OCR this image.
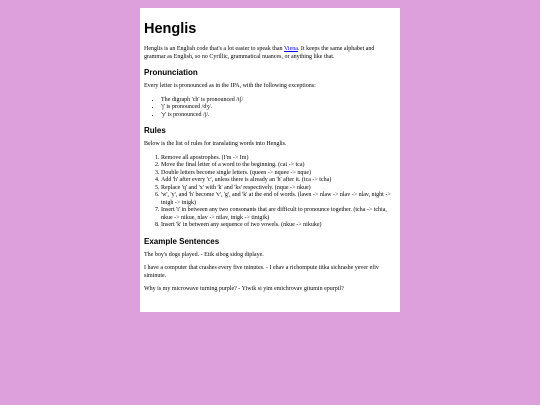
Henglis

Henglis is an English code that's a lot easier to speak than Viena. It keeps the same alphabet and grammar as English, so no Cyrillic, grammatical nuances, or anything like that.

Pronunciation

Every letter is pronounced as in the IPA, with the following exceptions:

• The digraph 'ch' is pronounced /tʃ/
• 'j' is pronounced /dʒ/.
• 'y' is pronounced /j/.
Rules

Below is the list of rules for translating words into Henglis.

1. Remove all apostrophes. (I'm -> Im)
2. Move the final letter of a word to the beginning. (cat -> tca)
3. Double letters become single letters. (queen -> nquee -> nque)
4. Add 'h' after every 'c', unless there is already an 'h' after it. (tca -> tcha)
5. Replace 'q' and 'x' with 'k' and 'ks' respectively. (nque -> nkue)
6. 'w', 'y', and 'h' become 'v', 'g', and 'k' at the end of words. (lawn -> nlaw -> nlav -> nlav, night -> tnigh -> tnigk)
7. Insert 'i' in between any two consonants that are difficult to pronounce together. (tcha -> tchia, nkue -> nikue, nlav -> nilav, tnigk -> tinigik)
8. Insert 'k' in between any sequence of two vowels. (nkue -> nikuke)
Example Sentences

The boy's dogs played. - Etik sibog sidog diplaye.

I have a computer that crashes every five minutes. - I ehav a richompute titka sichrashe yever efiv siminute.

Why is my microwave turning purple? - Yiwik si yim emichrovav gitumin epurpil?
